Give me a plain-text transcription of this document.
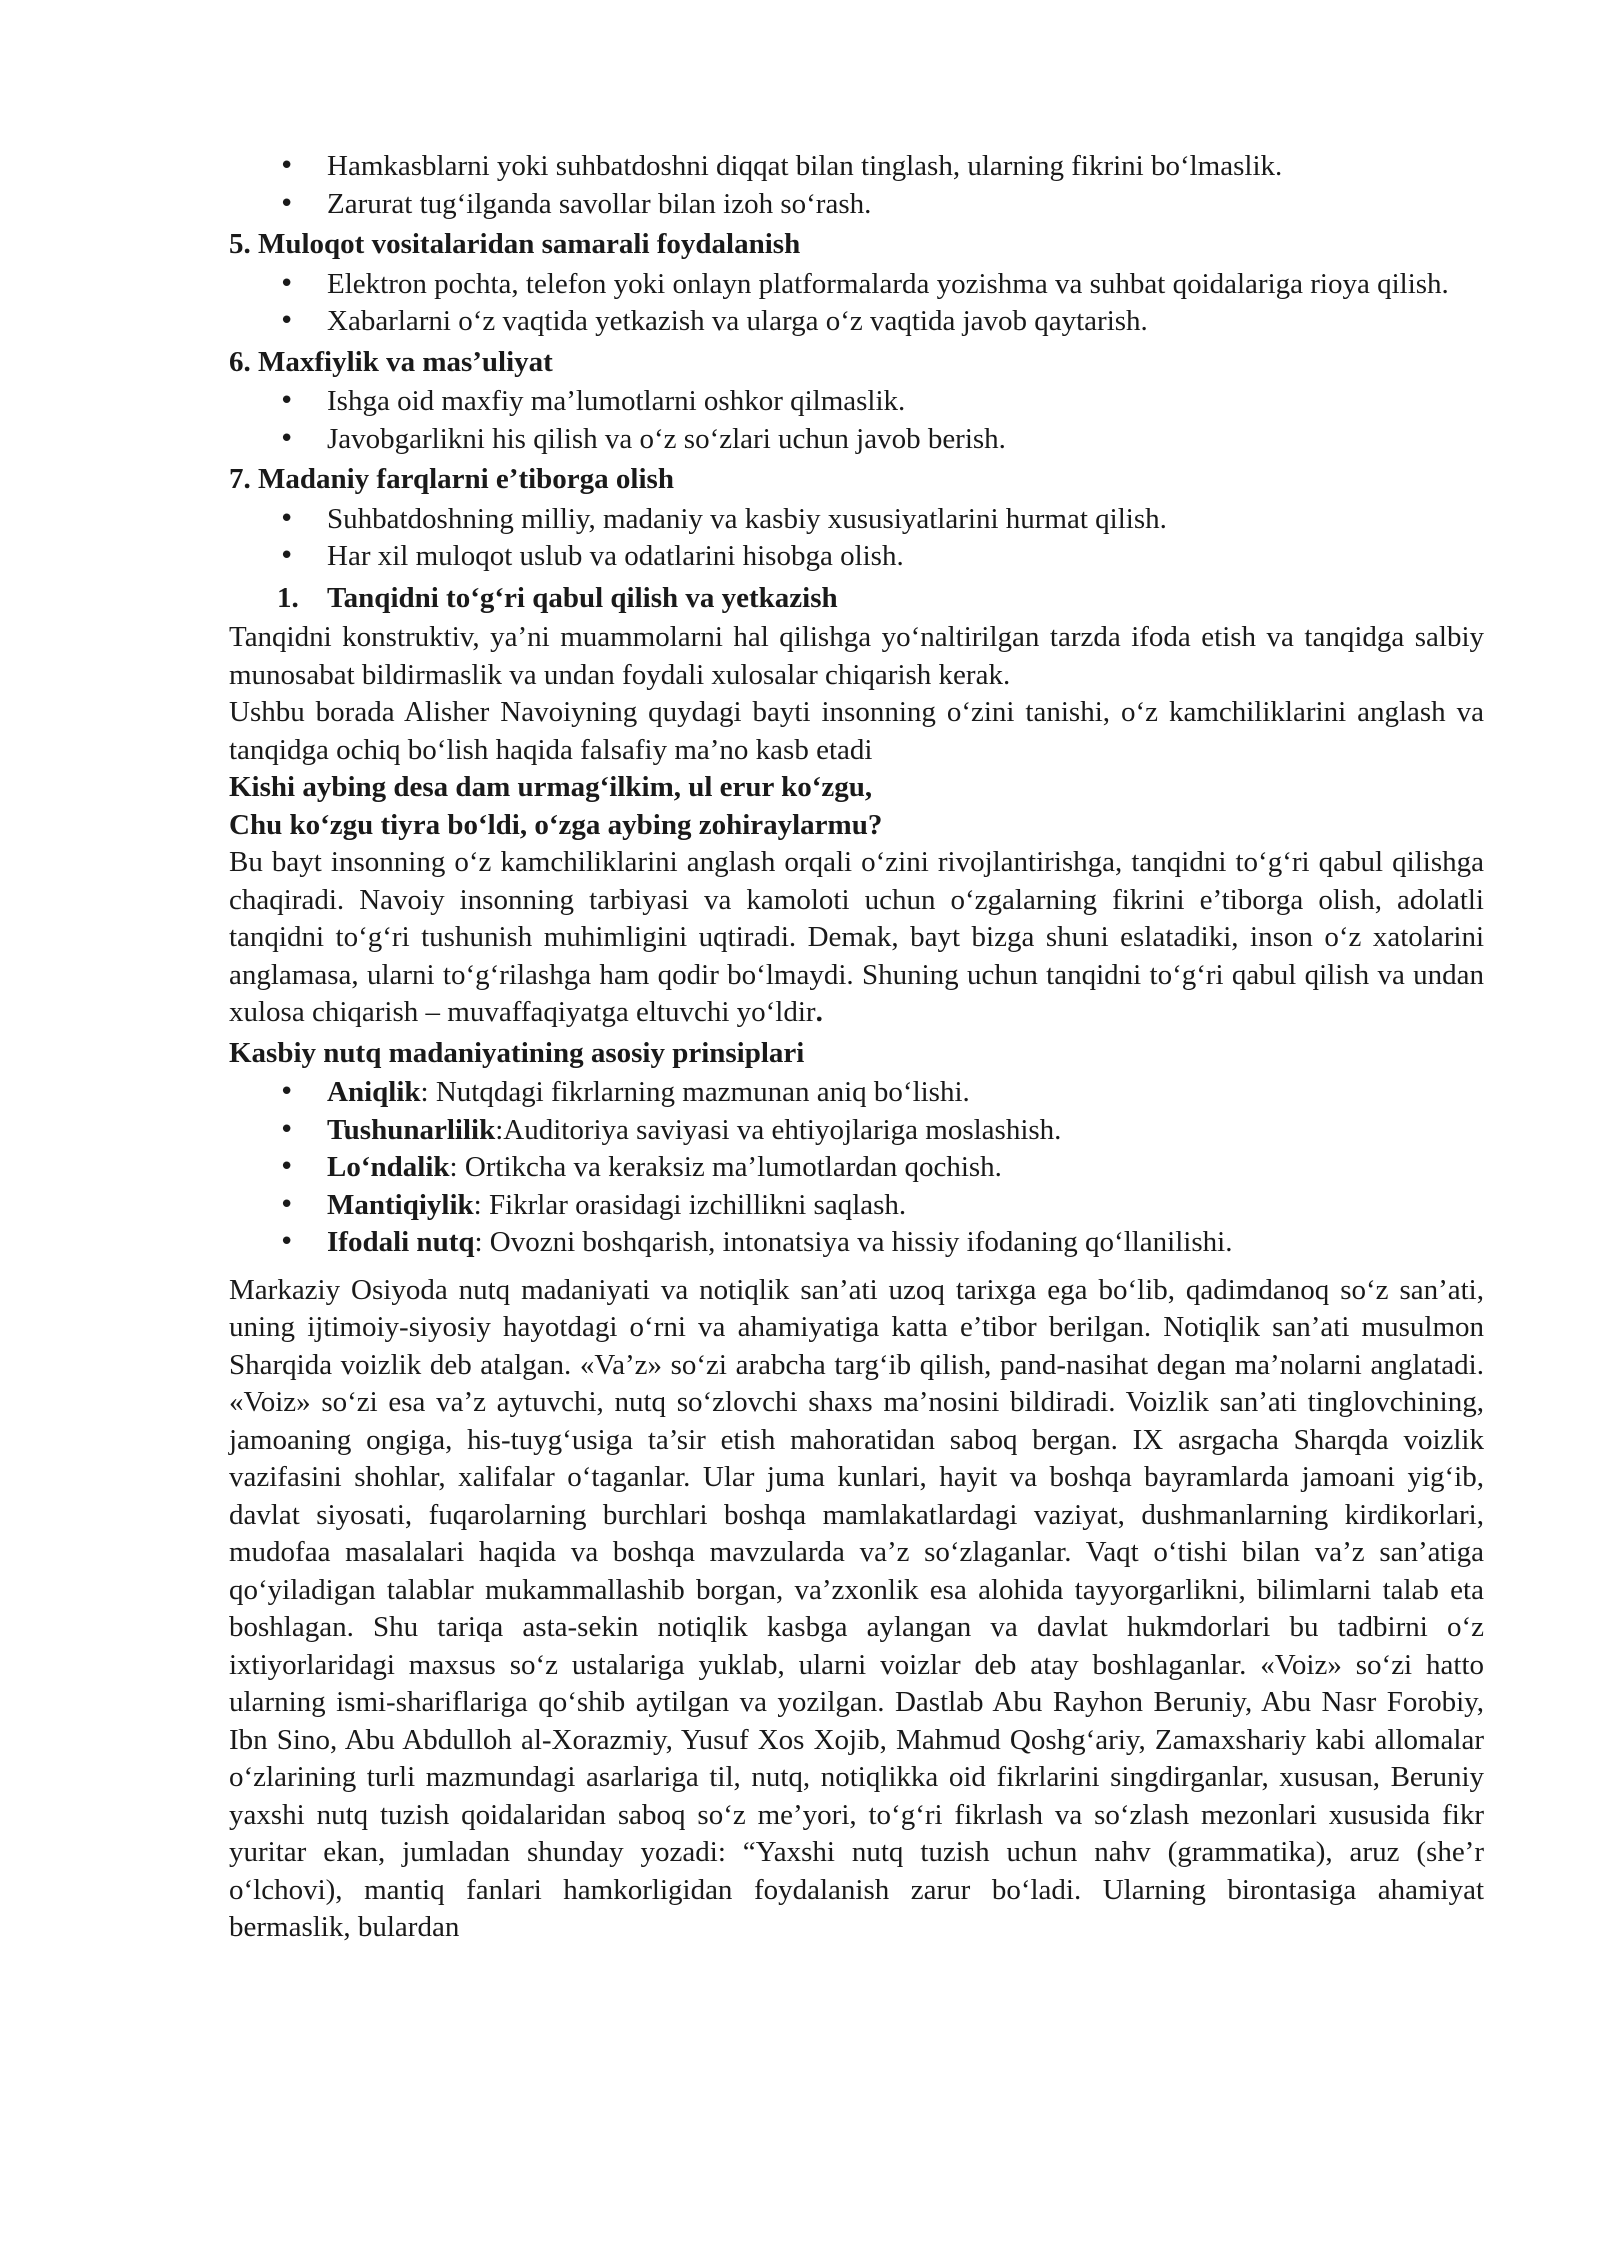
• Hamkasblarni yoki suhbatdoshni diqqat bilan tinglash, ularning fikrini bo‘lmaslik.
• Zarurat tug‘ilganda savollar bilan izoh so‘rash.
5. Muloqot vositalaridan samarali foydalanish
• Elektron pochta, telefon yoki onlayn platformalarda yozishma va suhbat qoidalariga rioya qilish.
• Xabarlarni o‘z vaqtida yetkazish va ularga o‘z vaqtida javob qaytarish.
6. Maxfiylik va mas’uliyat
• Ishga oid maxfiy ma’lumotlarni oshkor qilmaslik.
• Javobgarlikni his qilish va o‘z so‘zlari uchun javob berish.
7. Madaniy farqlarni e’tiborga olish
• Suhbatdoshning milliy, madaniy va kasbiy xususiyatlarini hurmat qilish.
• Har xil muloqot uslub va odatlarini hisobga olish.
1. Tanqidni to‘g‘ri qabul qilish va yetkazish

Tanqidni konstruktiv, ya’ni muammolarni hal qilishga yo‘naltirilgan tarzda ifoda etish va tanqidga salbiy munosabat bildirmaslik va undan foydali xulosalar chiqarish kerak.

Ushbu borada Alisher Navoiyning quydagi bayti insonning o‘zini tanishi, o‘z kamchiliklarini anglash va tanqidga ochiq bo‘lish haqida falsafiy ma’no kasb etadi

Kishi aybing desa dam urmag‘ilkim, ul erur ko‘zgu,

Chu ko‘zgu tiyra bo‘ldi, o‘zga aybing zohiraylarmu?

Bu bayt insonning o‘z kamchiliklarini anglash orqali o‘zini rivojlantirishga, tanqidni to‘g‘ri qabul qilishga chaqiradi. Navoiy insonning tarbiyasi va kamoloti uchun o‘zgalarning fikrini e’tiborga olish, adolatli tanqidni to‘g‘ri tushunish muhimligini uqtiradi. Demak, bayt bizga shuni eslatadiki, inson o‘z xatolarini anglamasa, ularni to‘g‘rilashga ham qodir bo‘lmaydi. Shuning uchun tanqidni to‘g‘ri qabul qilish va undan xulosa chiqarish – muvaffaqiyatga eltuvchi yo‘ldir.

Kasbiy nutq madaniyatining asosiy prinsiplari
• Aniqlik: Nutqdagi fikrlarning mazmunan aniq bo‘lishi.
• Tushunarlilik:Auditoriya saviyasi va ehtiyojlariga moslashish.
• Lo‘ndalik: Ortikcha va keraksiz ma’lumotlardan qochish.
• Mantiqiylik: Fikrlar orasidagi izchillikni saqlash.
• Ifodali nutq: Ovozni boshqarish, intonatsiya va hissiy ifodaning qo‘llanilishi.

Markaziy Osiyoda nutq madaniyati va notiqlik san’ati uzoq tarixga ega bo‘lib, qadimdanoq so‘z san’ati, uning ijtimoiy-siyosiy hayotdagi o‘rni va ahamiyatiga katta e’tibor berilgan. Notiqlik san’ati musulmon Sharqida voizlik deb atalgan. «Va’z» so‘zi arabcha targ‘ib qilish, pand-nasihat degan ma’nolarni anglatadi. «Voiz» so‘zi esa va’z aytuvchi, nutq so‘zlovchi shaxs ma’nosini bildiradi. Voizlik san’ati tinglovchining, jamoaning ongiga, his-tuyg‘usiga ta’sir etish mahoratidan saboq bergan. IX asrgacha Sharqda voizlik vazifasini shohlar, xalifalar o‘taganlar. Ular juma kunlari, hayit va boshqa bayramlarda jamoani yig‘ib, davlat siyosati, fuqarolarning burchlari boshqa mamlakatlardagi vaziyat, dushmanlarning kirdikorlari, mudofaa masalalari haqida va boshqa mavzularda va’z so‘zlaganlar. Vaqt o‘tishi bilan va’z san’atiga qo‘yiladigan talablar mukammallashib borgan, va’zxonlik esa alohida tayyorgarlikni, bilimlarni talab eta boshlagan. Shu tariqa asta-sekin notiqlik kasbga aylangan va davlat hukmdorlari bu tadbirni o‘z ixtiyorlaridagi maxsus so‘z ustalariga yuklab, ularni voizlar deb atay boshlaganlar. «Voiz» so‘zi hatto ularning ismi-shariflariga qo‘shib aytilgan va yozilgan. Dastlab Abu Rayhon Beruniy, Abu Nasr Forobiy, Ibn Sino, Abu Abdulloh al-Xorazmiy, Yusuf Xos Xojib, Mahmud Qoshg‘ariy, Zamaxshariy kabi allomalar o‘zlarining turli mazmundagi asarlariga til, nutq, notiqlikka oid fikrlarini singdirganlar, xususan, Beruniy yaxshi nutq tuzish qoidalaridan saboq so‘z me’yori, to‘g‘ri fikrlash va so‘zlash mezonlari xususida fikr yuritar ekan, jumladan shunday yozadi: “Yaxshi nutq tuzish uchun nahv (grammatika), aruz (she’r o‘lchovi), mantiq fanlari hamkorligidan foydalanish zarur bo‘ladi. Ularning birontasiga ahamiyat bermaslik, bulardan
